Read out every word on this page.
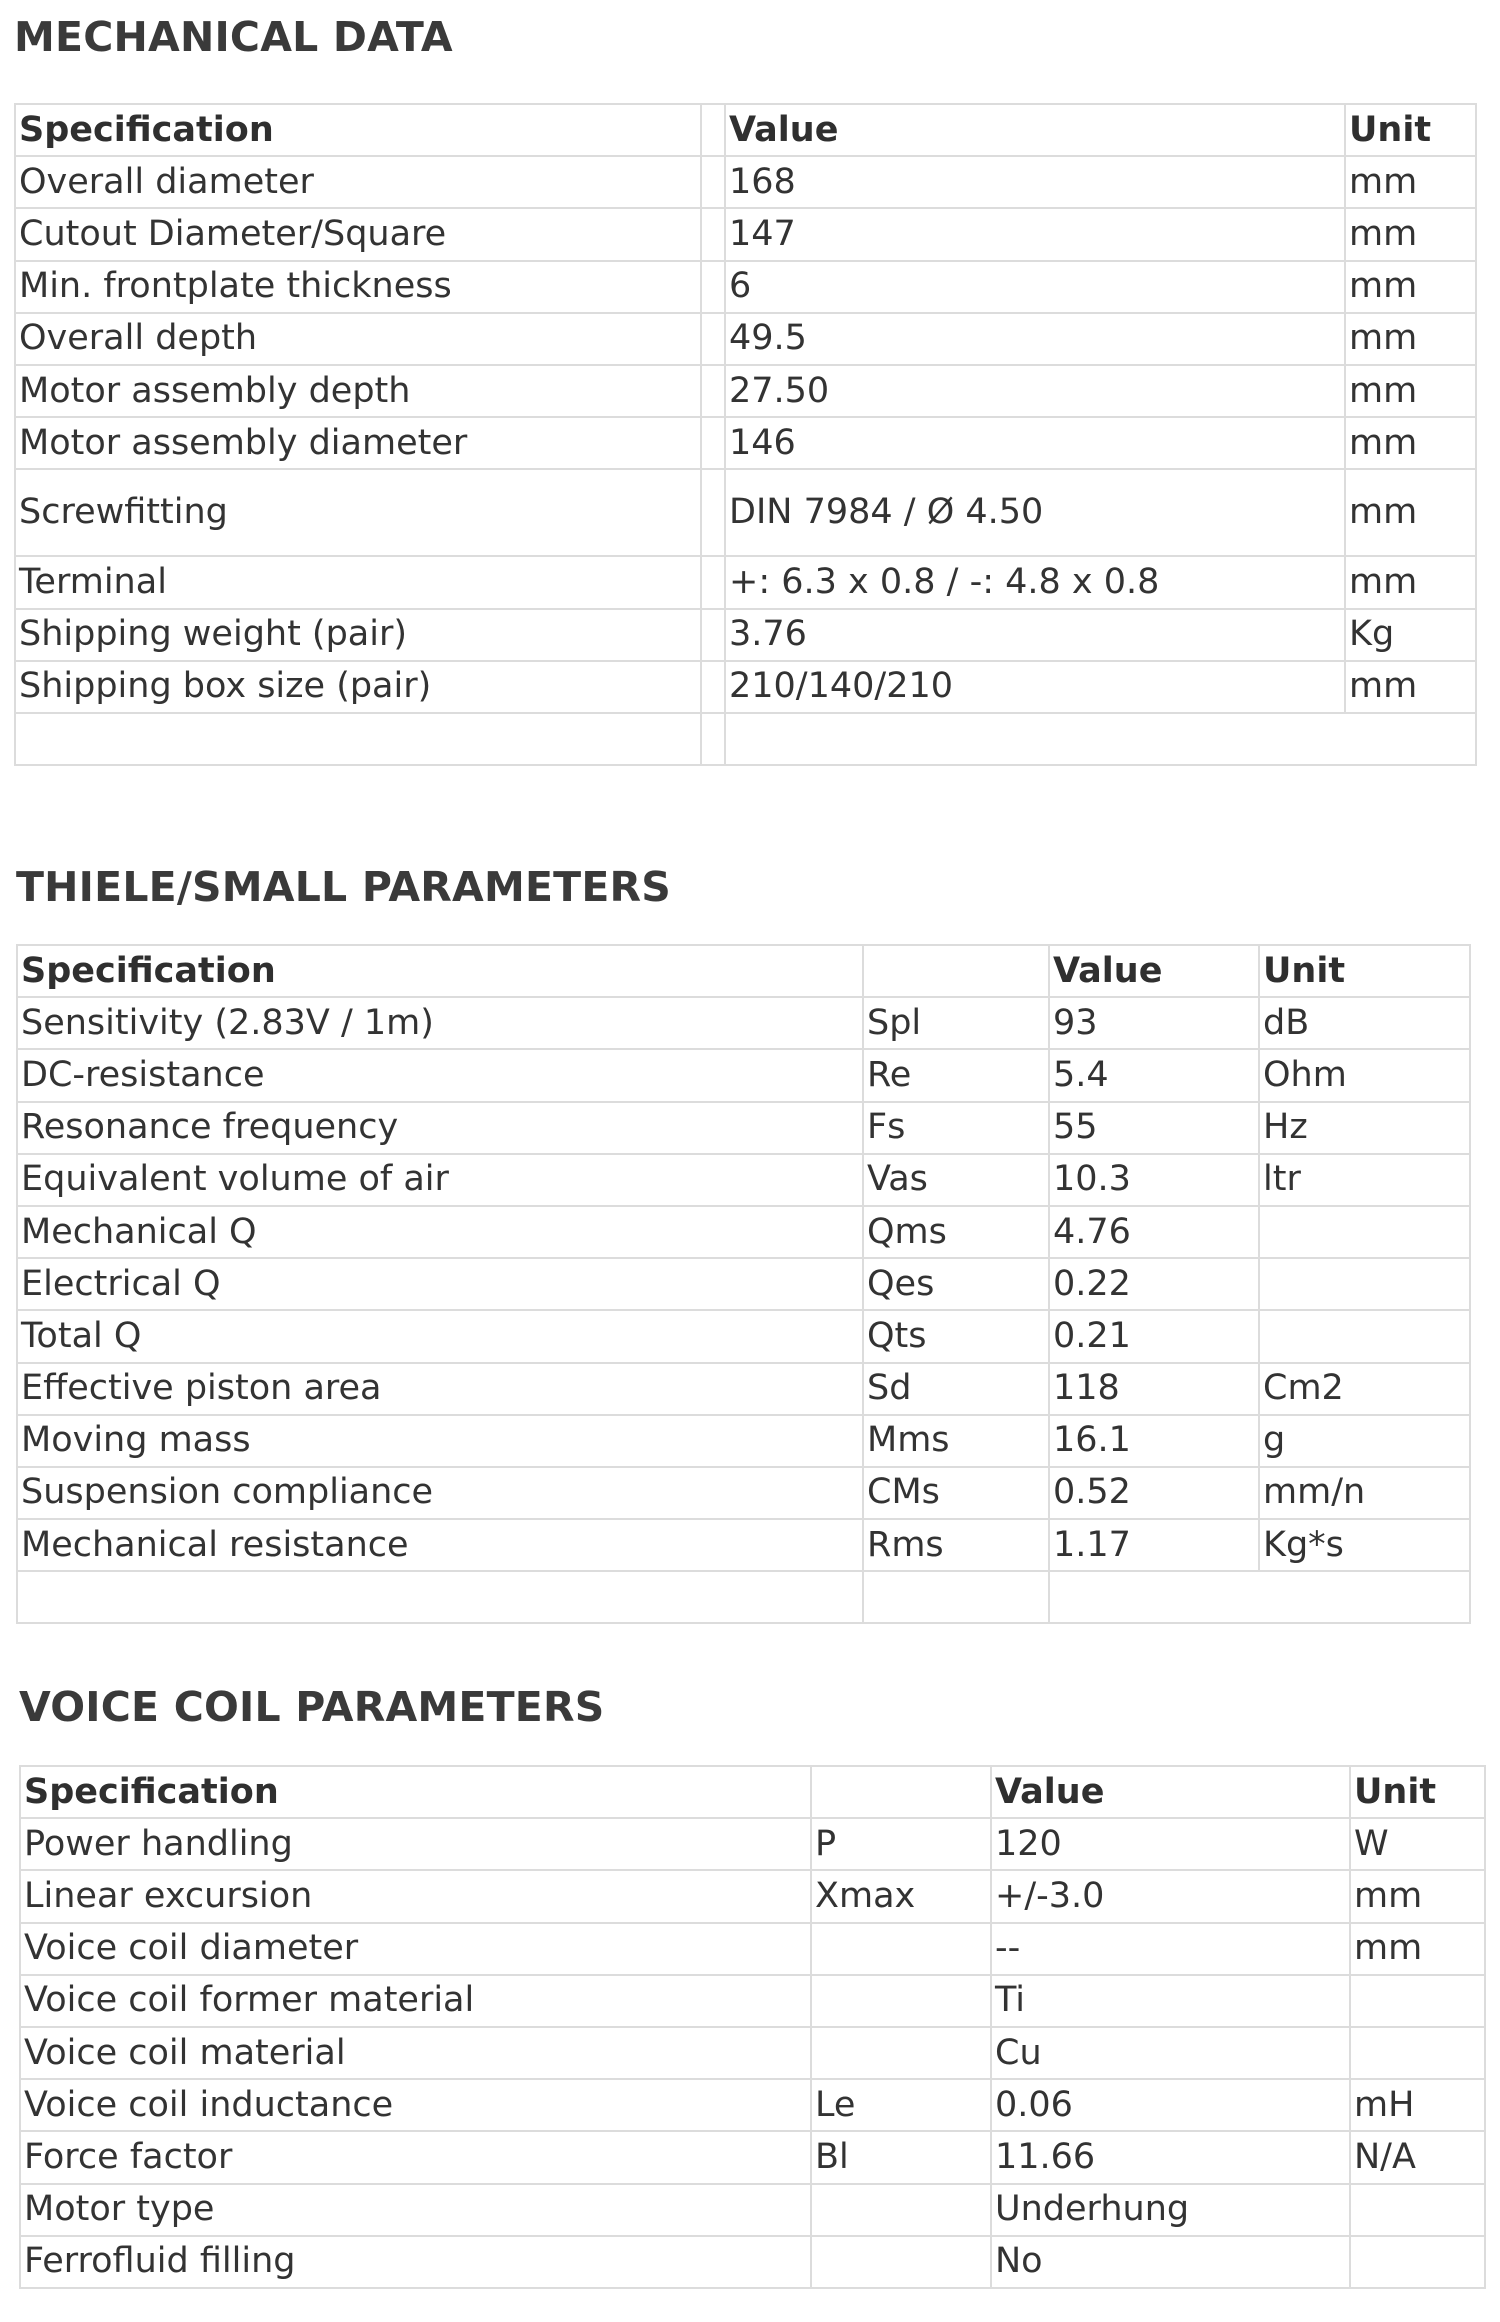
MECHANICAL DATA
Specification		Value	Unit
Overall diameter		168	mm
Cutout Diameter/Square		147	mm
Min. frontplate thickness		6	mm
Overall depth		49.5	mm
Motor assembly depth		27.50	mm
Motor assembly diameter		146	mm
Screwfitting		DIN 7984 / Ø 4.50	mm
Terminal		+: 6.3 x 0.8 / -: 4.8 x 0.8	mm
Shipping weight (pair)		3.76	Kg
Shipping box size (pair)		210/140/210	mm

THIELE/SMALL PARAMETERS
Specification		Value	Unit
Sensitivity (2.83V / 1m)	Spl	93	dB
DC-resistance	Re	5.4	Ohm
Resonance frequency	Fs	55	Hz
Equivalent volume of air	Vas	10.3	ltr
Mechanical Q	Qms	4.76	
Electrical Q	Qes	0.22	
Total Q	Qts	0.21	
Effective piston area	Sd	118	Cm2
Moving mass	Mms	16.1	g
Suspension compliance	CMs	0.52	mm/n
Mechanical resistance	Rms	1.17	Kg*s

VOICE COIL PARAMETERS
Specification		Value	Unit
Power handling	P	120	W
Linear excursion	Xmax	+/-3.0	mm
Voice coil diameter		--	mm
Voice coil former material		Ti	
Voice coil material		Cu	
Voice coil inductance	Le	0.06	mH
Force factor	Bl	11.66	N/A
Motor type		Underhung	
Ferrofluid filling		No	
